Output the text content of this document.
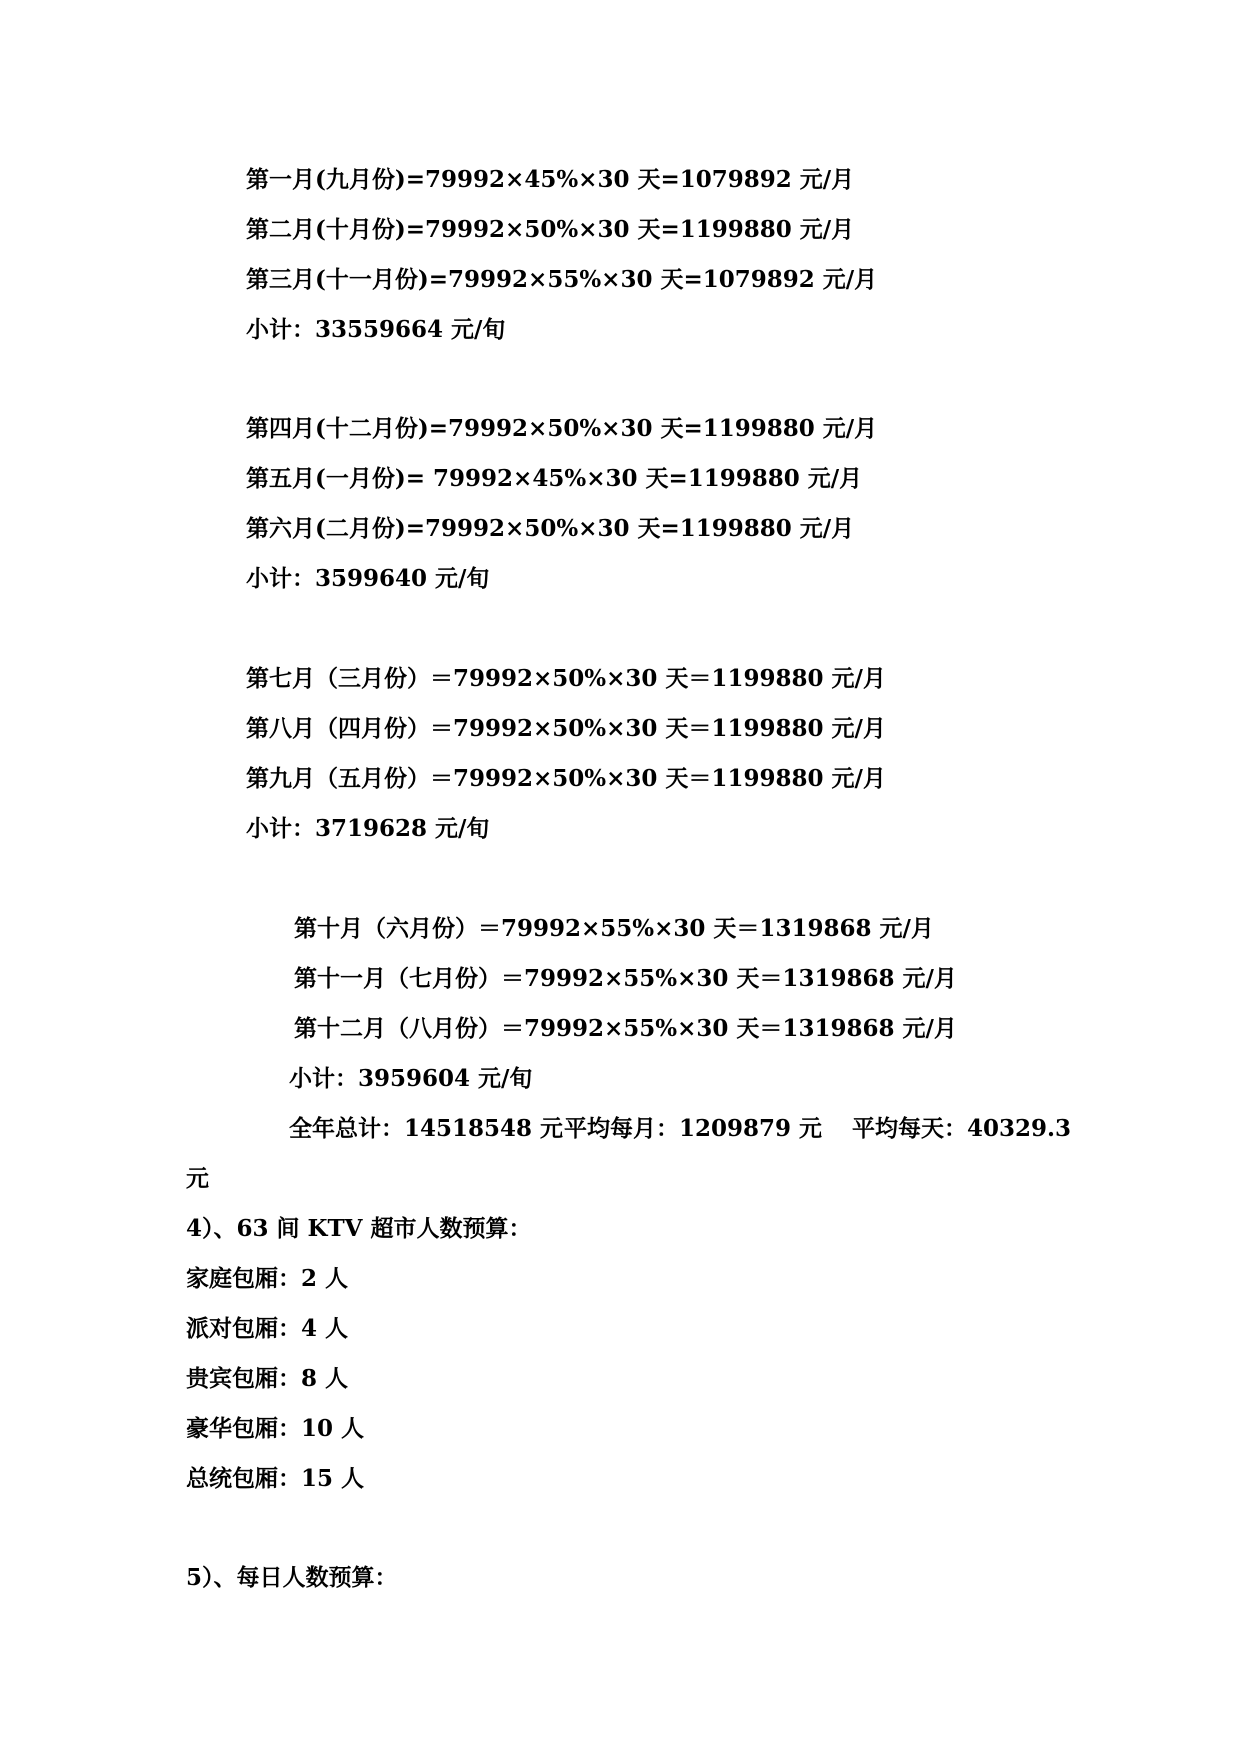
第一月(九月份)=79992×45%×30 天=1079892 元/月
第二月(十月份)=79992×50%×30 天=1199880 元/月
第三月(十一月份)=79992×55%×30 天=1079892 元/月
小计：33559664 元/旬
第四月(十二月份)=79992×50%×30 天=1199880 元/月
第五月(一月份)= 79992×45%×30 天=1199880 元/月
第六月(二月份)=79992×50%×30 天=1199880 元/月
小计：3599640 元/旬
第七月（三月份）＝79992×50%×30 天＝1199880 元/月
第八月（四月份）＝79992×50%×30 天＝1199880 元/月
第九月（五月份）＝79992×50%×30 天＝1199880 元/月
小计：3719628 元/旬
第十月（六月份）＝79992×55%×30 天＝1319868 元/月
第十一月（七月份）＝79992×55%×30 天＝1319868 元/月
第十二月（八月份）＝79992×55%×30 天＝1319868 元/月
小计：3959604 元/旬
全年总计：14518548 元 平均每月：1209879 元 平均每天：40329.3
元
4）、63 间 KTV 超市人数预算：
家庭包厢：2 人
派对包厢：4 人
贵宾包厢：8 人
豪华包厢：10 人
总统包厢：15 人
5）、每日人数预算：
